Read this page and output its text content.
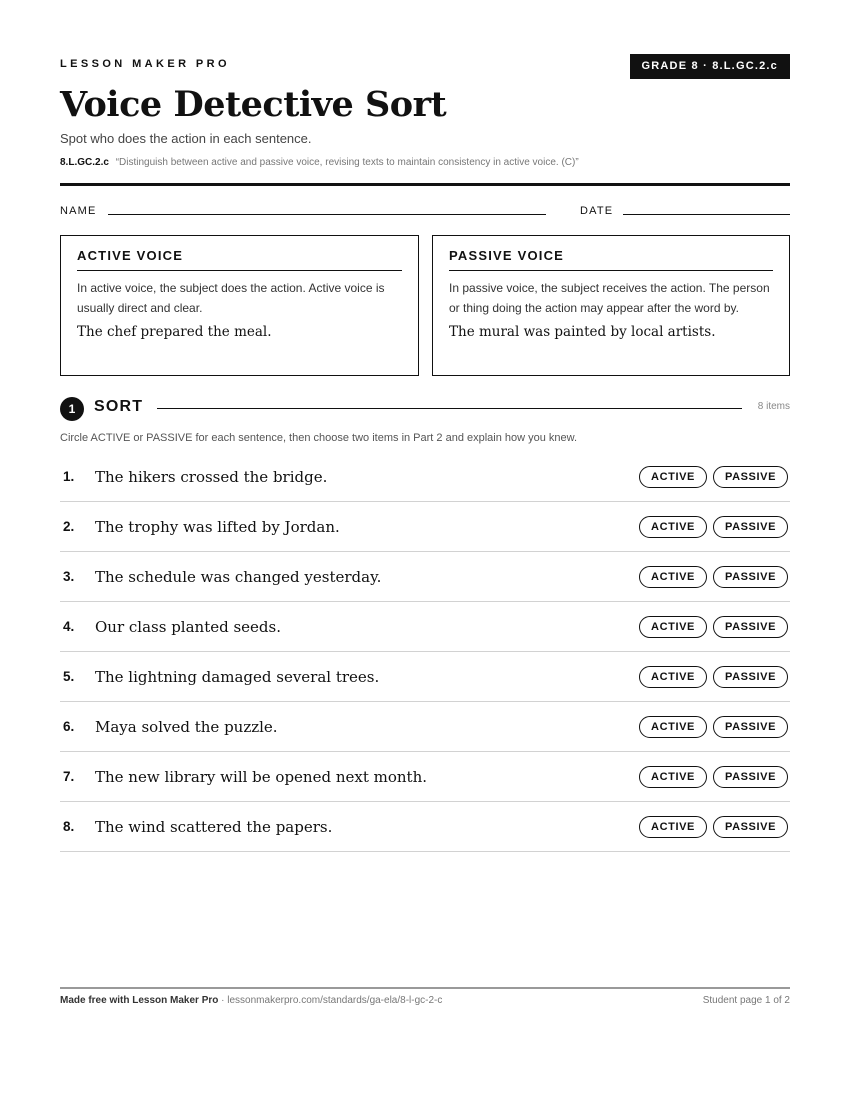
LESSON MAKER PRO	GRADE 8 · 8.L.GC.2.c
Voice Detective Sort
Spot who does the action in each sentence.
8.L.GC.2.c “Distinguish between active and passive voice, revising texts to maintain consistency in active voice. (C)”
NAME	DATE
ACTIVE VOICE
In active voice, the subject does the action. Active voice is usually direct and clear.
The chef prepared the meal.
PASSIVE VOICE
In passive voice, the subject receives the action. The person or thing doing the action may appear after the word by.
The mural was painted by local artists.
1	SORT	8 items
Circle ACTIVE or PASSIVE for each sentence, then choose two items in Part 2 and explain how you knew.
1. The hikers crossed the bridge.	ACTIVE	PASSIVE
2. The trophy was lifted by Jordan.	ACTIVE	PASSIVE
3. The schedule was changed yesterday.	ACTIVE	PASSIVE
4. Our class planted seeds.	ACTIVE	PASSIVE
5. The lightning damaged several trees.	ACTIVE	PASSIVE
6. Maya solved the puzzle.	ACTIVE	PASSIVE
7. The new library will be opened next month.	ACTIVE	PASSIVE
8. The wind scattered the papers.	ACTIVE	PASSIVE
Made free with Lesson Maker Pro · lessonmakerpro.com/standards/ga-ela/8-l-gc-2-c	Student page 1 of 2
